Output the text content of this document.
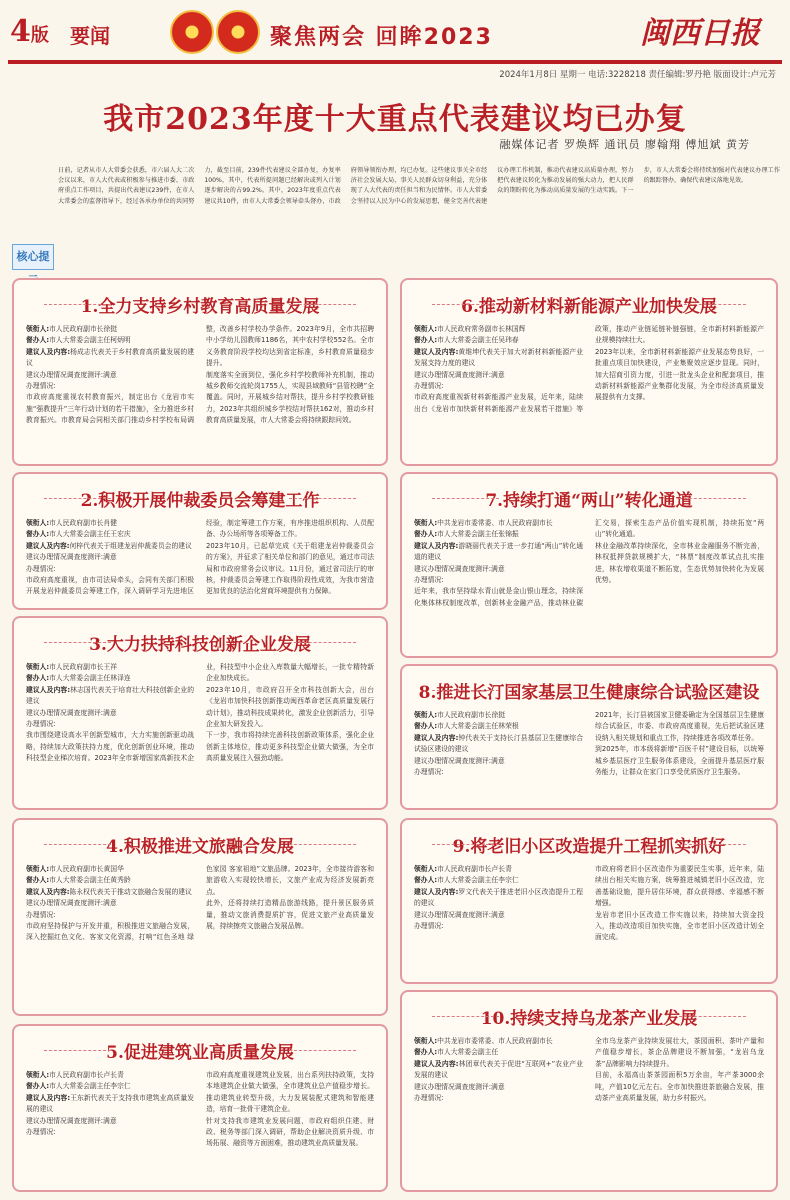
4版 要闻	聚焦两会 回眸2023	闽西日报
2024年1月8日 星期一 电话:3228218 责任编辑:罗丹艳 版面设计:卢元芳
我市2023年度十大重点代表建议均已办复
融媒体记者 罗焕辉 通讯员 廖翰翔 傅旭斌 黄芳
核心提
日前，记者从市人大常委会获悉，市六届人大二次会议以来，市人大代表或积极参与推进市委、市政府重点工作项目，共提出代表建议239件，在市人大常委会的监督指导下，经过各承办单位的共同努力，截至目前，239件代表建议全部办复，办复率100%，其中，代表所提问题已经解决或列入计划逐步解决的占99.2%。其中，2023年度重点代表建议共10件，由市人大常委会领导牵头督办，市政府领导领衔办理，均已办复。这些建议事关全市经济社会发展大局，事关人民群众切身利益，充分体现了人大代表的责任担当和为民情怀。市人大常委会坚持以人民为中心的发展思想，健全完善代表建议办理工作机制，推动代表建议高质量办理，努力把代表建议转化为推动发展的强大动力，把人民群众的期盼转化为推动高质量发展的生动实践。下一步，市人大常委会将持续加强对代表建议办理工作的跟踪督办，确保代表建议落地见效。
1.全力支持乡村教育高质量发展

领衔人:市人民政府副市长徐挺

督办人:市人大常委会副主任柯炳明

建议人及内容:杨成志代表关于乡村教育高质量发展的建议

建议办理情况调查度测评:满意

办理情况:

市政府高度重视农村教育振兴，制定出台《龙岩市实施“强教提升”三年行动计划的若干措施》，全力推进乡村教育振兴。市教育局会同相关部门推动乡村学校布局调整，改善乡村学校办学条件。2023年9月，全市共招聘中小学幼儿园教师1186名，其中农村学校552名。全市义务教育阶段学校均达到省定标准，乡村教育质量稳步提升。

制度落实全面到位，强化乡村学校教师补充机制，推动城乡教师交流轮岗1755人，实现县域教师“县管校聘”全覆盖。同时，开展城乡结对帮扶，提升乡村学校教研能力，2023年共组织城乡学校结对帮扶162对，推动乡村教育高质量发展，市人大常委会将持续跟踪问效。

2.积极开展仲裁委员会筹建工作

领衔人:市人民政府副市长肖健

督办人:市人大常委会副主任王宏庆

建议人及内容:何梓代表关于组建龙岩仲裁委员会的建议

建议办理情况调查度测评:满意

办理情况:

市政府高度重视，由市司法局牵头，会同有关部门积极开展龙岩仲裁委员会筹建工作，深入调研学习先进地区经验，制定筹建工作方案，有序推进组织机构、人员配备、办公场所等各项筹备工作。

2023年10月，已起草完成《关于组建龙岩仲裁委员会的方案》，并征求了相关单位和部门的意见，通过市司法局和市政府常务会议审议。11月份，通过省司法厅的审核，仲裁委员会筹建工作取得阶段性成效，为我市营造更加优良的法治化营商环境提供有力保障。

3.大力扶持科技创新企业发展

领衔人:市人民政府副市长王祥

督办人:市人大常委会副主任林泽连

建议人及内容:林志国代表关于培育壮大科技创新企业的建议

建议办理情况调查度测评:满意

办理情况:

我市围绕建设高水平创新型城市，大力实施创新驱动战略，持续加大政策扶持力度，优化创新创业环境，推动科技型企业梯次培育。2023年全市新增国家高新技术企业，科技型中小企业入库数量大幅增长，一批专精特新企业加快成长。

2023年10月，市政府召开全市科技创新大会，出台《龙岩市加快科技创新推动闽西革命老区高质量发展行动计划》，推动科技成果转化，激发企业创新活力，引导企业加大研发投入。

下一步，我市将持续完善科技创新政策体系，强化企业创新主体地位，推动更多科技型企业做大做强，为全市高质量发展注入强劲动能。

4.积极推进文旅融合发展

领衔人:市人民政府副市长黄国华

督办人:市人大常委会副主任黄秀龄

建议人及内容:陈永权代表关于推动文旅融合发展的建议

建议办理情况调查度测评:满意

办理情况:

市政府坚持保护与开发并重，积极推进文旅融合发展，深入挖掘红色文化、客家文化资源，打响“红色圣地 绿色家园 客家祖地”文旅品牌。2023年，全市接待游客和旅游收入实现较快增长，文旅产业成为经济发展新亮点。

此外，还将持续打造精品旅游线路，提升景区服务质量，推动文旅消费提质扩容，促进文旅产业高质量发展，持续擦亮文旅融合发展品牌。

5.促进建筑业高质量发展

领衔人:市人民政府副市长卢长青

督办人:市人大常委会副主任李宗仁

建议人及内容:王东新代表关于支持我市建筑业高质量发展的建议

建议办理情况调查度测评:满意

办理情况:

市政府高度重视建筑业发展，出台系列扶持政策，支持本地建筑企业做大做强，全市建筑业总产值稳步增长。推动建筑业转型升级，大力发展装配式建筑和智能建造，培育一批骨干建筑企业。

针对支持我市建筑业发展问题，市政府组织住建、财政、税务等部门深入调研，帮助企业解决资质升级、市场拓展、融资等方面困难，推动建筑业高质量发展。

6.推动新材料新能源产业加快发展

领衔人:市人民政府常务副市长林国辉

督办人:市人大常委会副主任吴玮春

建议人及内容:黄维坤代表关于加大对新材料新能源产业发展支持力度的建议

建议办理情况调查度测评:满意

办理情况:

市政府高度重视新材料新能源产业发展，近年来，陆续出台《龙岩市加快新材料新能源产业发展若干措施》等政策，推动产业链延链补链强链，全市新材料新能源产业规模持续壮大。

2023年以来，全市新材料新能源产业发展态势良好，一批重点项目加快建设，产业集聚效应逐步显现。同时，加大招商引资力度，引进一批龙头企业和配套项目，推动新材料新能源产业集群化发展，为全市经济高质量发展提供有力支撑。

7.持续打通“两山”转化通道

领衔人:中共龙岩市委常委、市人民政府副市长

督办人:市人大常委会副主任张锦振

建议人及内容:游晓丽代表关于进一步打通“两山”转化通道的建议

建议办理情况调查度测评:满意

办理情况:

近年来，我市坚持绿水青山就是金山银山理念，持续深化集体林权制度改革，创新林业金融产品，推动林业碳汇交易，探索生态产品价值实现机制，持续拓宽“两山”转化通道。

林业金融改革持续深化，全市林业金融服务不断完善，林权抵押贷款规模扩大，“林票”制度改革试点扎实推进，林农增收渠道不断拓宽，生态优势加快转化为发展优势。

8.推进长汀国家基层卫生健康综合试验区建设

领衔人:市人民政府副市长徐挺

督办人:市人大常委会副主任林荣根

建议人及内容:钟代表关于支持长汀县基层卫生健康综合试验区建设的建议

建议办理情况调查度测评:满意

办理情况:

2021年，长汀县被国家卫健委确定为全国基层卫生健康综合试验区，市委、市政府高度重视，先后把试验区建设纳入相关规划和重点工作，持续推进各项改革任务。

到2025年，市本级将新增“百医千村”建设目标，以统筹城乡基层医疗卫生服务体系建设，全面提升基层医疗服务能力，让群众在家门口享受优质医疗卫生服务。

9.将老旧小区改造提升工程抓实抓好

领衔人:市人民政府副市长卢长青

督办人:市人大常委会副主任李宗仁

建议人及内容:罗文代表关于推进老旧小区改造提升工程的建议

建议办理情况调查度测评:满意

办理情况:

市政府将老旧小区改造作为重要民生实事，近年来，陆续出台相关实施方案，统筹推进城镇老旧小区改造，完善基础设施，提升居住环境，群众获得感、幸福感不断增强。

龙岩市老旧小区改造工作实施以来，持续加大资金投入，推动改造项目加快实施，全市老旧小区改造计划全面完成。

10.持续支持乌龙茶产业发展

领衔人:中共龙岩市委常委、市人民政府副市长

督办人:市人大常委会副主任

建议人及内容:林团章代表关于促进“互联网+”农业产业发展的建议

建议办理情况调查度测评:满意

办理情况:

全市乌龙茶产业持续发展壮大，茶园面积、茶叶产量和产值稳步增长，茶企品牌建设不断加强，“龙岩乌龙茶”品牌影响力持续提升。

目前，永福高山茶茶园面积5万余亩，年产茶3000余吨，产值10亿元左右。全市加快推进茶旅融合发展，推动茶产业高质量发展，助力乡村振兴。
